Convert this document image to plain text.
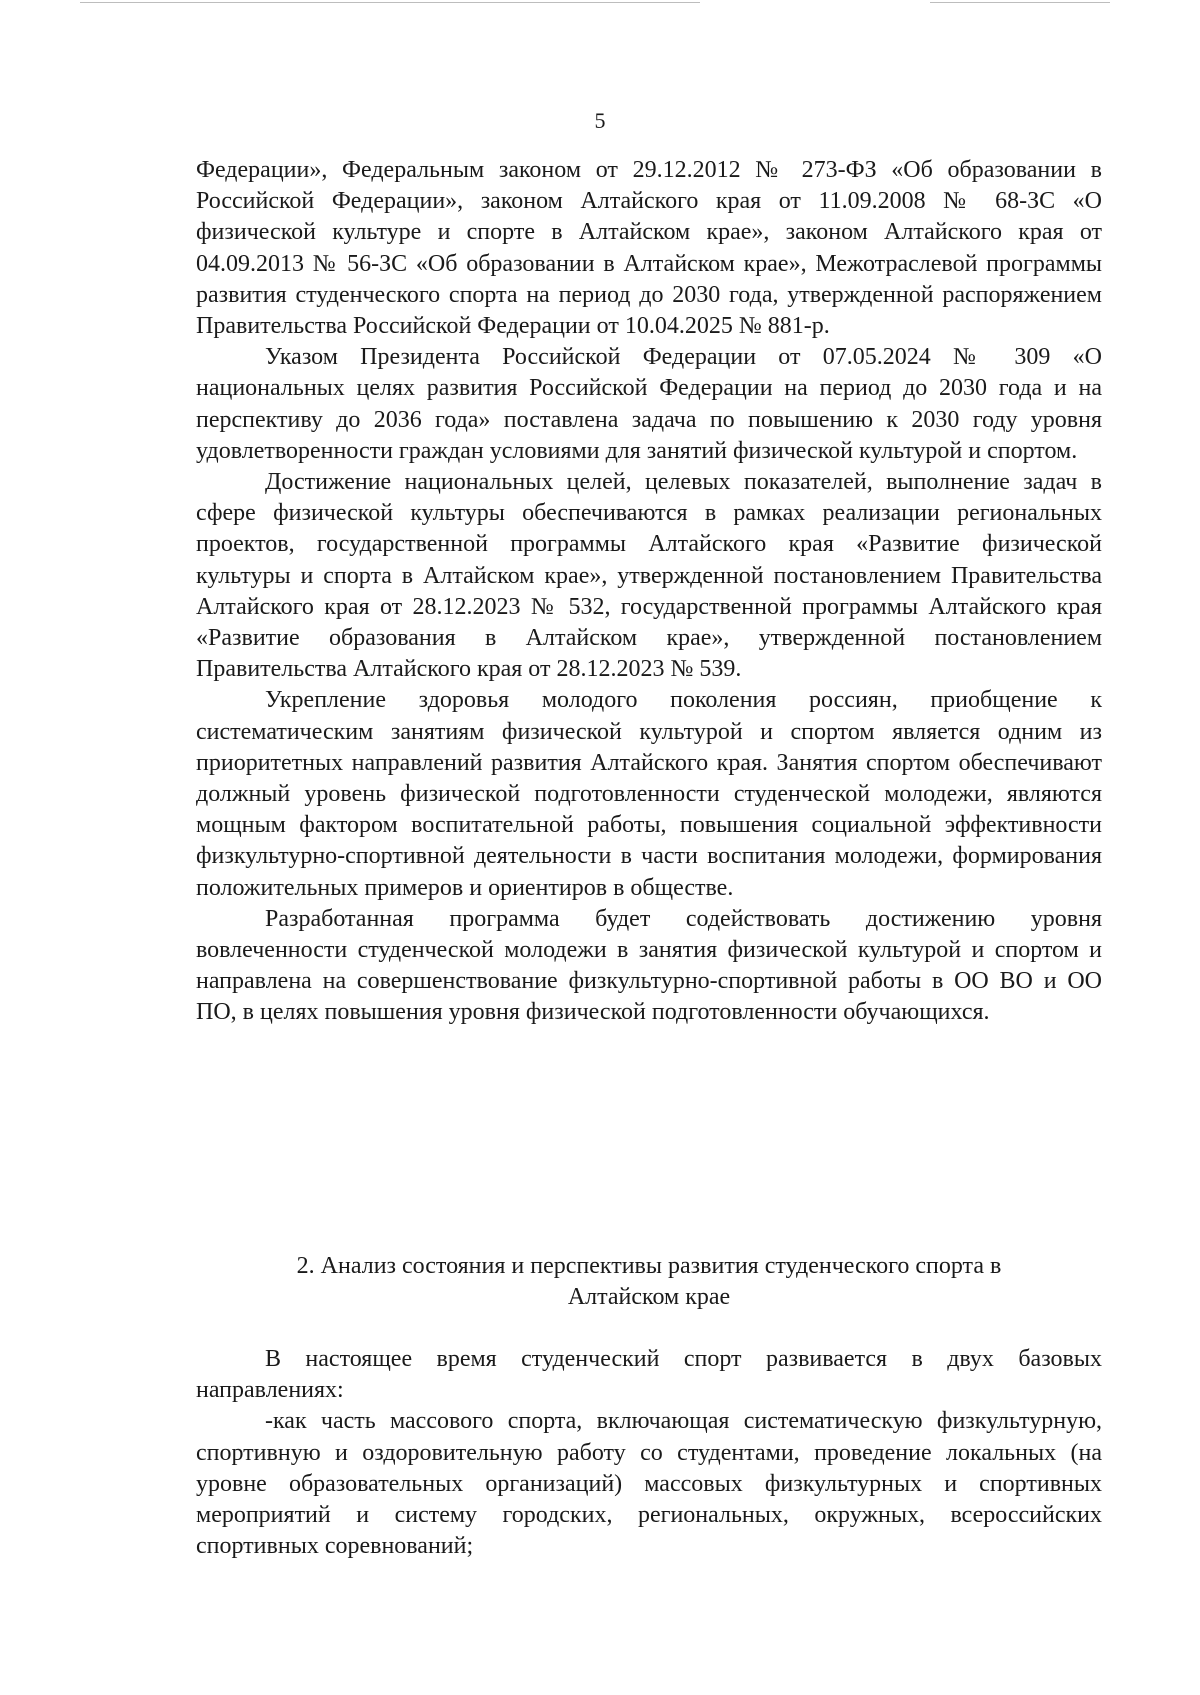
5

Федерации», Федеральным законом от 29.12.2012 № 273-ФЗ «Об образовании в Российской Федерации», законом Алтайского края от 11.09.2008 № 68-ЗС «О физической культуре и спорте в Алтайском крае», законом Алтайского края от 04.09.2013 № 56-ЗС «Об образовании в Алтайском крае», Межотраслевой программы развития студенческого спорта на период до 2030 года, утвержденной распоряжением Правительства Российской Федерации от 10.04.2025 № 881-р.

Указом Президента Российской Федерации от 07.05.2024 № 309 «О национальных целях развития Российской Федерации на период до 2030 года и на перспективу до 2036 года» поставлена задача по повышению к 2030 году уровня удовлетворенности граждан условиями для занятий физической культурой и спортом.

Достижение национальных целей, целевых показателей, выполнение задач в сфере физической культуры обеспечиваются в рамках реализации региональных проектов, государственной программы Алтайского края «Развитие физической культуры и спорта в Алтайском крае», утвержденной постановлением Правительства Алтайского края от 28.12.2023 № 532, государственной программы Алтайского края «Развитие образования в Алтайском крае», утвержденной постановлением Правительства Алтайского края от 28.12.2023 № 539.

Укрепление здоровья молодого поколения россиян, приобщение к систематическим занятиям физической культурой и спортом является одним из приоритетных направлений развития Алтайского края. Занятия спортом обеспечивают должный уровень физической подготовленности студенческой молодежи, являются мощным фактором воспитательной работы, повышения социальной эффективности физкультурно-спортивной деятельности в части воспитания молодежи, формирования положительных примеров и ориентиров в обществе.

Разработанная программа будет содействовать достижению уровня вовлеченности студенческой молодежи в занятия физической культурой и спортом и направлена на совершенствование физкультурно-спортивной работы в ОО ВО и ОО ПО, в целях повышения уровня физической подготовленности обучающихся.

2. Анализ состояния и перспективы развития студенческого спорта в
Алтайском крае

В настоящее время студенческий спорт развивается в двух базовых направлениях:

-как часть массового спорта, включающая систематическую физкультурную, спортивную и оздоровительную работу со студентами, проведение локальных (на уровне образовательных организаций) массовых физкультурных и спортивных мероприятий и систему городских, региональных, окружных, всероссийских спортивных соревнований;
